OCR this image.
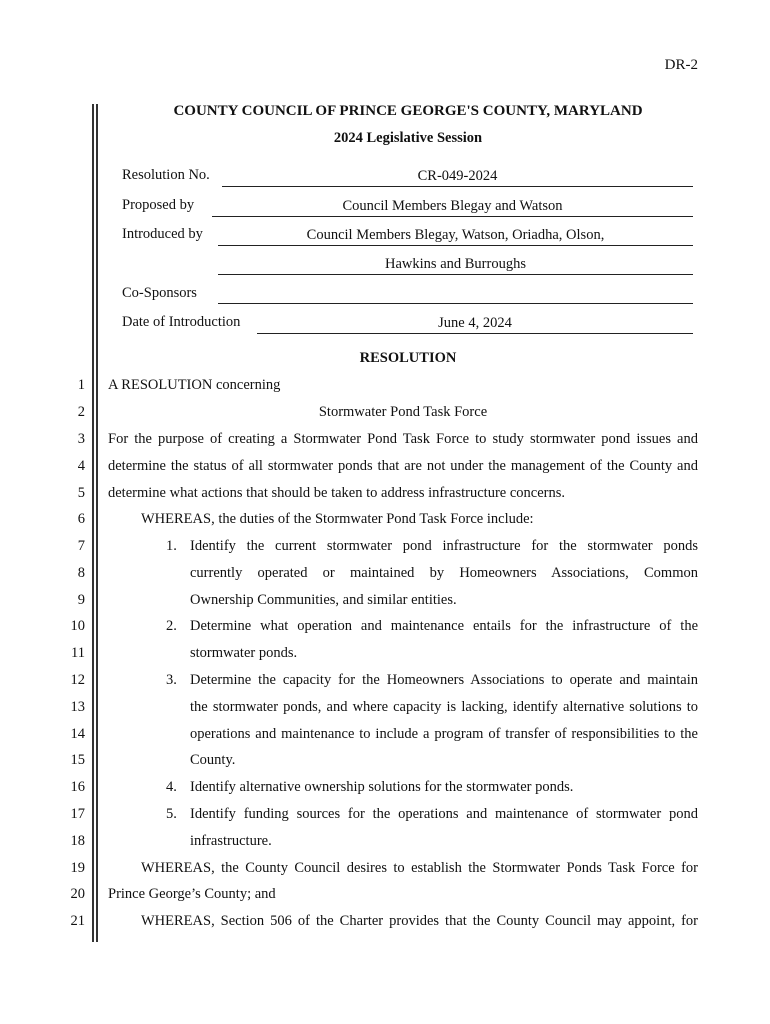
DR-2
COUNTY COUNCIL OF PRINCE GEORGE'S COUNTY, MARYLAND
2024 Legislative Session
Resolution No.	CR-049-2024
Proposed by	Council Members Blegay and Watson
Introduced by	Council Members Blegay, Watson, Oriadha, Olson,
Hawkins and Burroughs
Co-Sponsors
Date of Introduction	June 4, 2024
RESOLUTION
1 A RESOLUTION concerning
2	Stormwater Pond Task Force
3 For the purpose of creating a Stormwater Pond Task Force to study stormwater pond issues and
4 determine the status of all stormwater ponds that are not under the management of the County and
5 determine what actions that should be taken to address infrastructure concerns.
6	WHEREAS, the duties of the Stormwater Pond Task Force include:
7	1. Identify the current stormwater pond infrastructure for the stormwater ponds
8	currently operated or maintained by Homeowners Associations, Common
9	Ownership Communities, and similar entities.
10	2. Determine what operation and maintenance entails for the infrastructure of the
11	stormwater ponds.
12	3. Determine the capacity for the Homeowners Associations to operate and maintain
13	the stormwater ponds, and where capacity is lacking, identify alternative solutions to
14	operations and maintenance to include a program of transfer of responsibilities to the
15	County.
16	4. Identify alternative ownership solutions for the stormwater ponds.
17	5. Identify funding sources for the operations and maintenance of stormwater pond
18	infrastructure.
19	WHEREAS, the County Council desires to establish the Stormwater Ponds Task Force for
20 Prince George’s County; and
21	WHEREAS, Section 506 of the Charter provides that the County Council may appoint, for
